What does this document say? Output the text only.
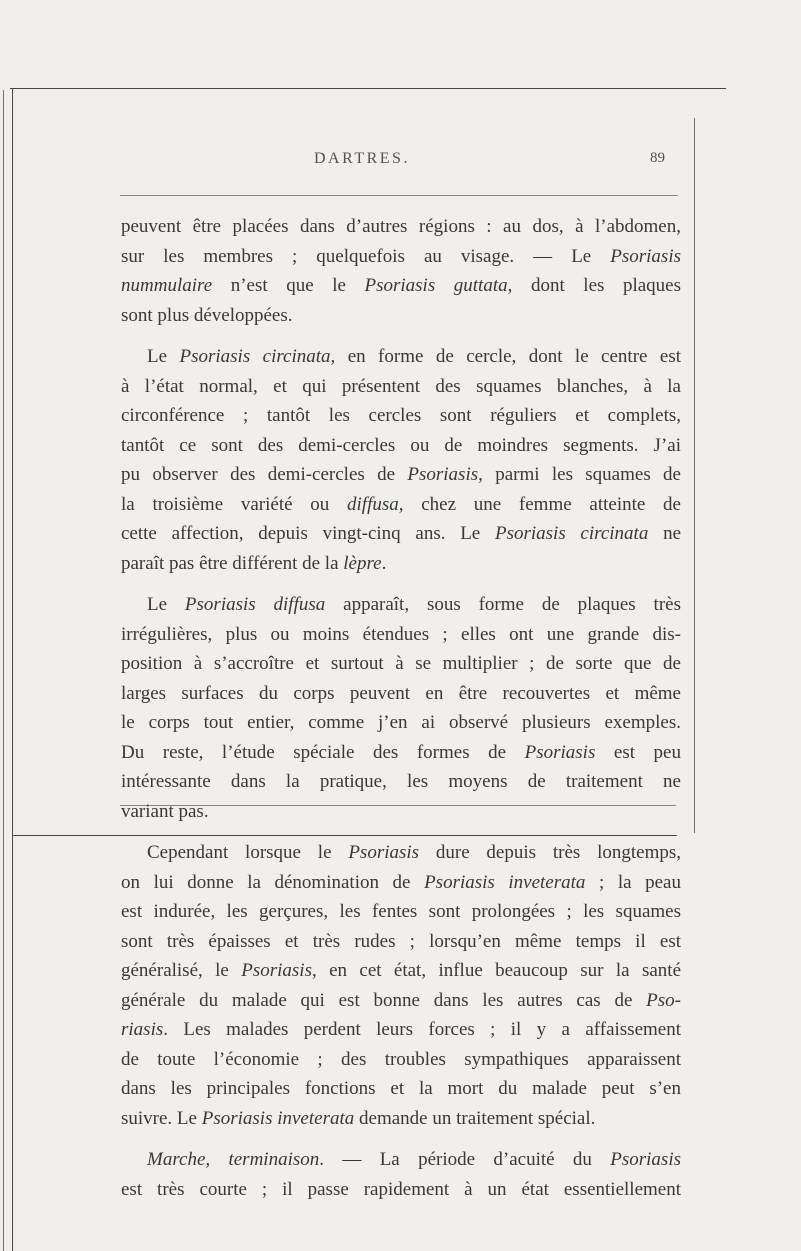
DARTRES.	89
peuvent être placées dans d’autres régions : au dos, à l’abdomen,
sur les membres ; quelquefois au visage. — Le Psoriasis
nummulaire n’est que le Psoriasis guttata, dont les plaques
sont plus développées.
Le Psoriasis circinata, en forme de cercle, dont le centre est
à l’état normal, et qui présentent des squames blanches, à la
circonférence ; tantôt les cercles sont réguliers et complets,
tantôt ce sont des demi-cercles ou de moindres segments. J’ai
pu observer des demi-cercles de Psoriasis, parmi les squames de
la troisième variété ou diffusa, chez une femme atteinte de
cette affection, depuis vingt-cinq ans. Le Psoriasis circinata ne
paraît pas être différent de la lèpre.
Le Psoriasis diffusa apparaît, sous forme de plaques très
irrégulières, plus ou moins étendues ; elles ont une grande dis-
position à s’accroître et surtout à se multiplier ; de sorte que de
larges surfaces du corps peuvent en être recouvertes et même
le corps tout entier, comme j’en ai observé plusieurs exemples.
Du reste, l’étude spéciale des formes de Psoriasis est peu
intéressante dans la pratique, les moyens de traitement ne
variant pas.
Cependant lorsque le Psoriasis dure depuis très longtemps,
on lui donne la dénomination de Psoriasis inveterata ; la peau
est indurée, les gerçures, les fentes sont prolongées ; les squames
sont très épaisses et très rudes ; lorsqu’en même temps il est
généralisé, le Psoriasis, en cet état, influe beaucoup sur la santé
générale du malade qui est bonne dans les autres cas de Pso-
riasis. Les malades perdent leurs forces ; il y a affaissement
de toute l’économie ; des troubles sympathiques apparaissent
dans les principales fonctions et la mort du malade peut s’en
suivre. Le Psoriasis inveterata demande un traitement spécial.
Marche, terminaison. — La période d’acuité du Psoriasis
est très courte ; il passe rapidement à un état essentiellement
